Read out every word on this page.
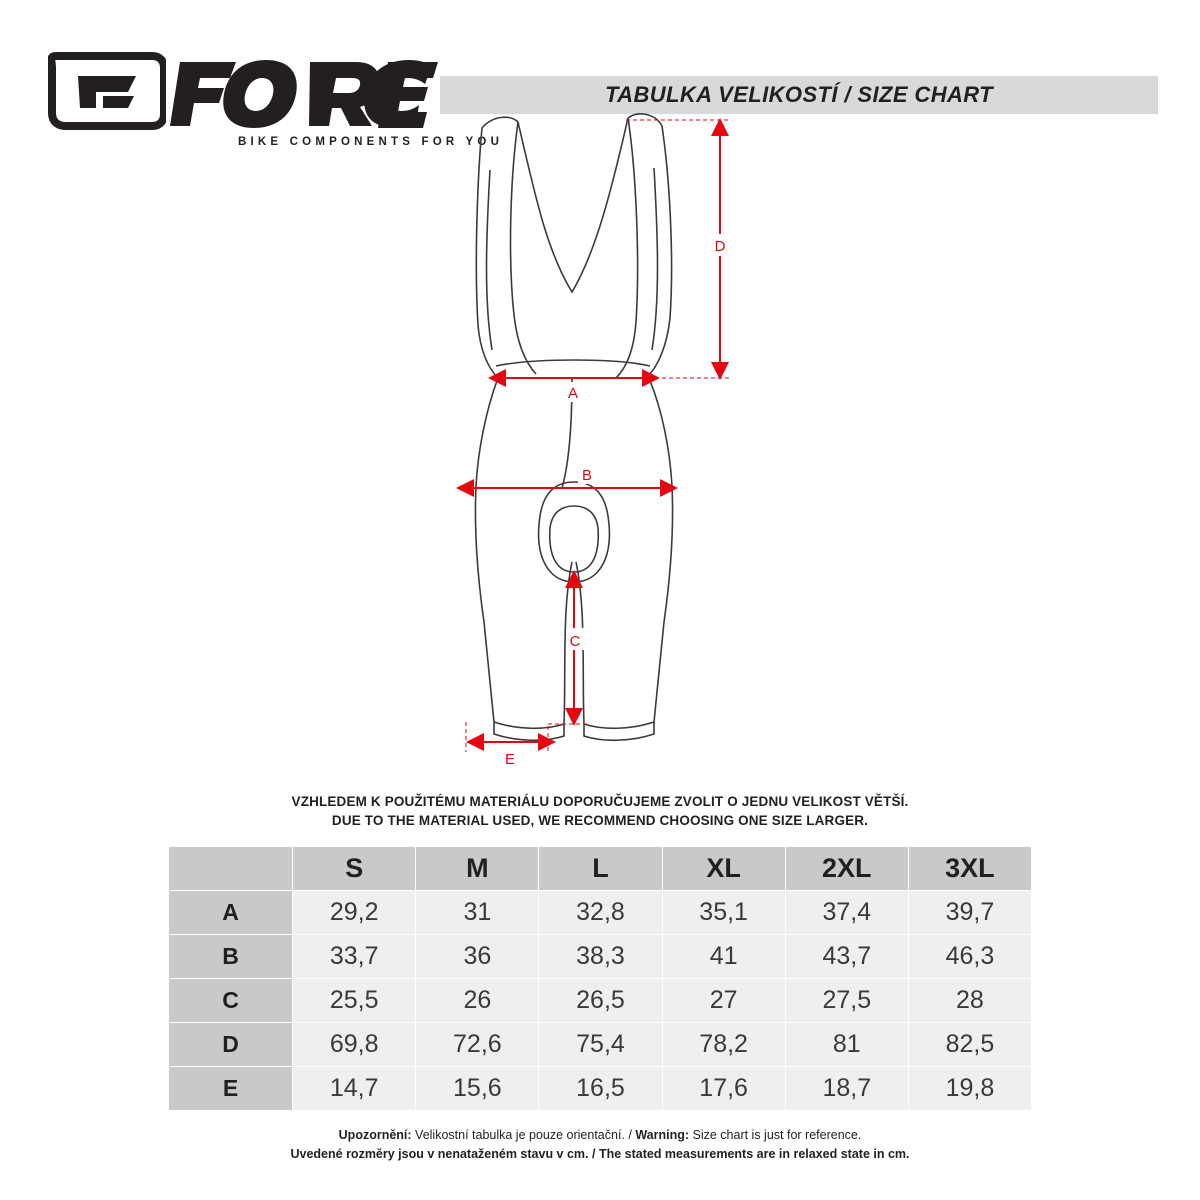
TABULKA VELIKOSTÍ / SIZE CHART
BIKE COMPONENTS FOR YOU
D
A
B
C
E
VZHLEDEM K POUŽITÉMU MATERIÁLU DOPORUČUJEME ZVOLIT O JEDNU VELIKOST VĚTŠÍ.
DUE TO THE MATERIAL USED, WE RECOMMEND CHOOSING ONE SIZE LARGER.
	S	M	L	XL	2XL	3XL
A	29,2	31	32,8	35,1	37,4	39,7
B	33,7	36	38,3	41	43,7	46,3
C	25,5	26	26,5	27	27,5	28
D	69,8	72,6	75,4	78,2	81	82,5
E	14,7	15,6	16,5	17,6	18,7	19,8
Upozornění: Velikostní tabulka je pouze orientační. / Warning: Size chart is just for reference.
Uvedené rozměry jsou v nenataženém stavu v cm. / The stated measurements are in relaxed state in cm.
